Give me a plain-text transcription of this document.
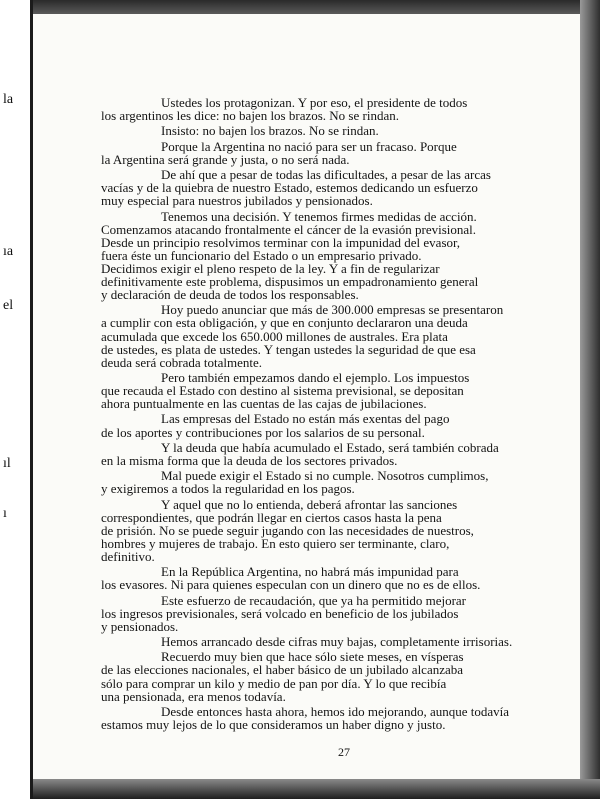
la
ıa
el
ıl
ı
Ustedes los protagonizan. Y por eso, el presidente de todos
los argentinos les dice: no bajen los brazos. No se rindan.
Insisto: no bajen los brazos. No se rindan.
Porque la Argentina no nació para ser un fracaso. Porque
la Argentina será grande y justa, o no será nada.
De ahí que a pesar de todas las dificultades, a pesar de las arcas
vacías y de la quiebra de nuestro Estado, estemos dedicando un esfuerzo
muy especial para nuestros jubilados y pensionados.
Tenemos una decisión. Y tenemos firmes medidas de acción.
Comenzamos atacando frontalmente el cáncer de la evasión previsional.
Desde un principio resolvimos terminar con la impunidad del evasor,
fuera éste un funcionario del Estado o un empresario privado.
Decidimos exigir el pleno respeto de la ley. Y a fin de regularizar
definitivamente este problema, dispusimos un empadronamiento general
y declaración de deuda de todos los responsables.
Hoy puedo anunciar que más de 300.000 empresas se presentaron
a cumplir con esta obligación, y que en conjunto declararon una deuda
acumulada que excede los 650.000 millones de australes. Era plata
de ustedes, es plata de ustedes. Y tengan ustedes la seguridad de que esa
deuda será cobrada totalmente.
Pero también empezamos dando el ejemplo. Los impuestos
que recauda el Estado con destino al sistema previsional, se depositan
ahora puntualmente en las cuentas de las cajas de jubilaciones.
Las empresas del Estado no están más exentas del pago
de los aportes y contribuciones por los salarios de su personal.
Y la deuda que había acumulado el Estado, será también cobrada
en la misma forma que la deuda de los sectores privados.
Mal puede exigir el Estado si no cumple. Nosotros cumplimos,
y exigiremos a todos la regularidad en los pagos.
Y aquel que no lo entienda, deberá afrontar las sanciones
correspondientes, que podrán llegar en ciertos casos hasta la pena
de prisión. No se puede seguir jugando con las necesidades de nuestros,
hombres y mujeres de trabajo. En esto quiero ser terminante, claro,
definitivo.
En la República Argentina, no habrá más impunidad para
los evasores. Ni para quienes especulan con un dinero que no es de ellos.
Este esfuerzo de recaudación, que ya ha permitido mejorar
los ingresos previsionales, será volcado en beneficio de los jubilados
y pensionados.
Hemos arrancado desde cifras muy bajas, completamente irrisorias.
Recuerdo muy bien que hace sólo siete meses, en vísperas
de las elecciones nacionales, el haber básico de un jubilado alcanzaba
sólo para comprar un kilo y medio de pan por día. Y lo que recibía
una pensionada, era menos todavía.
Desde entonces hasta ahora, hemos ido mejorando, aunque todavía
estamos muy lejos de lo que consideramos un haber digno y justo.
27
